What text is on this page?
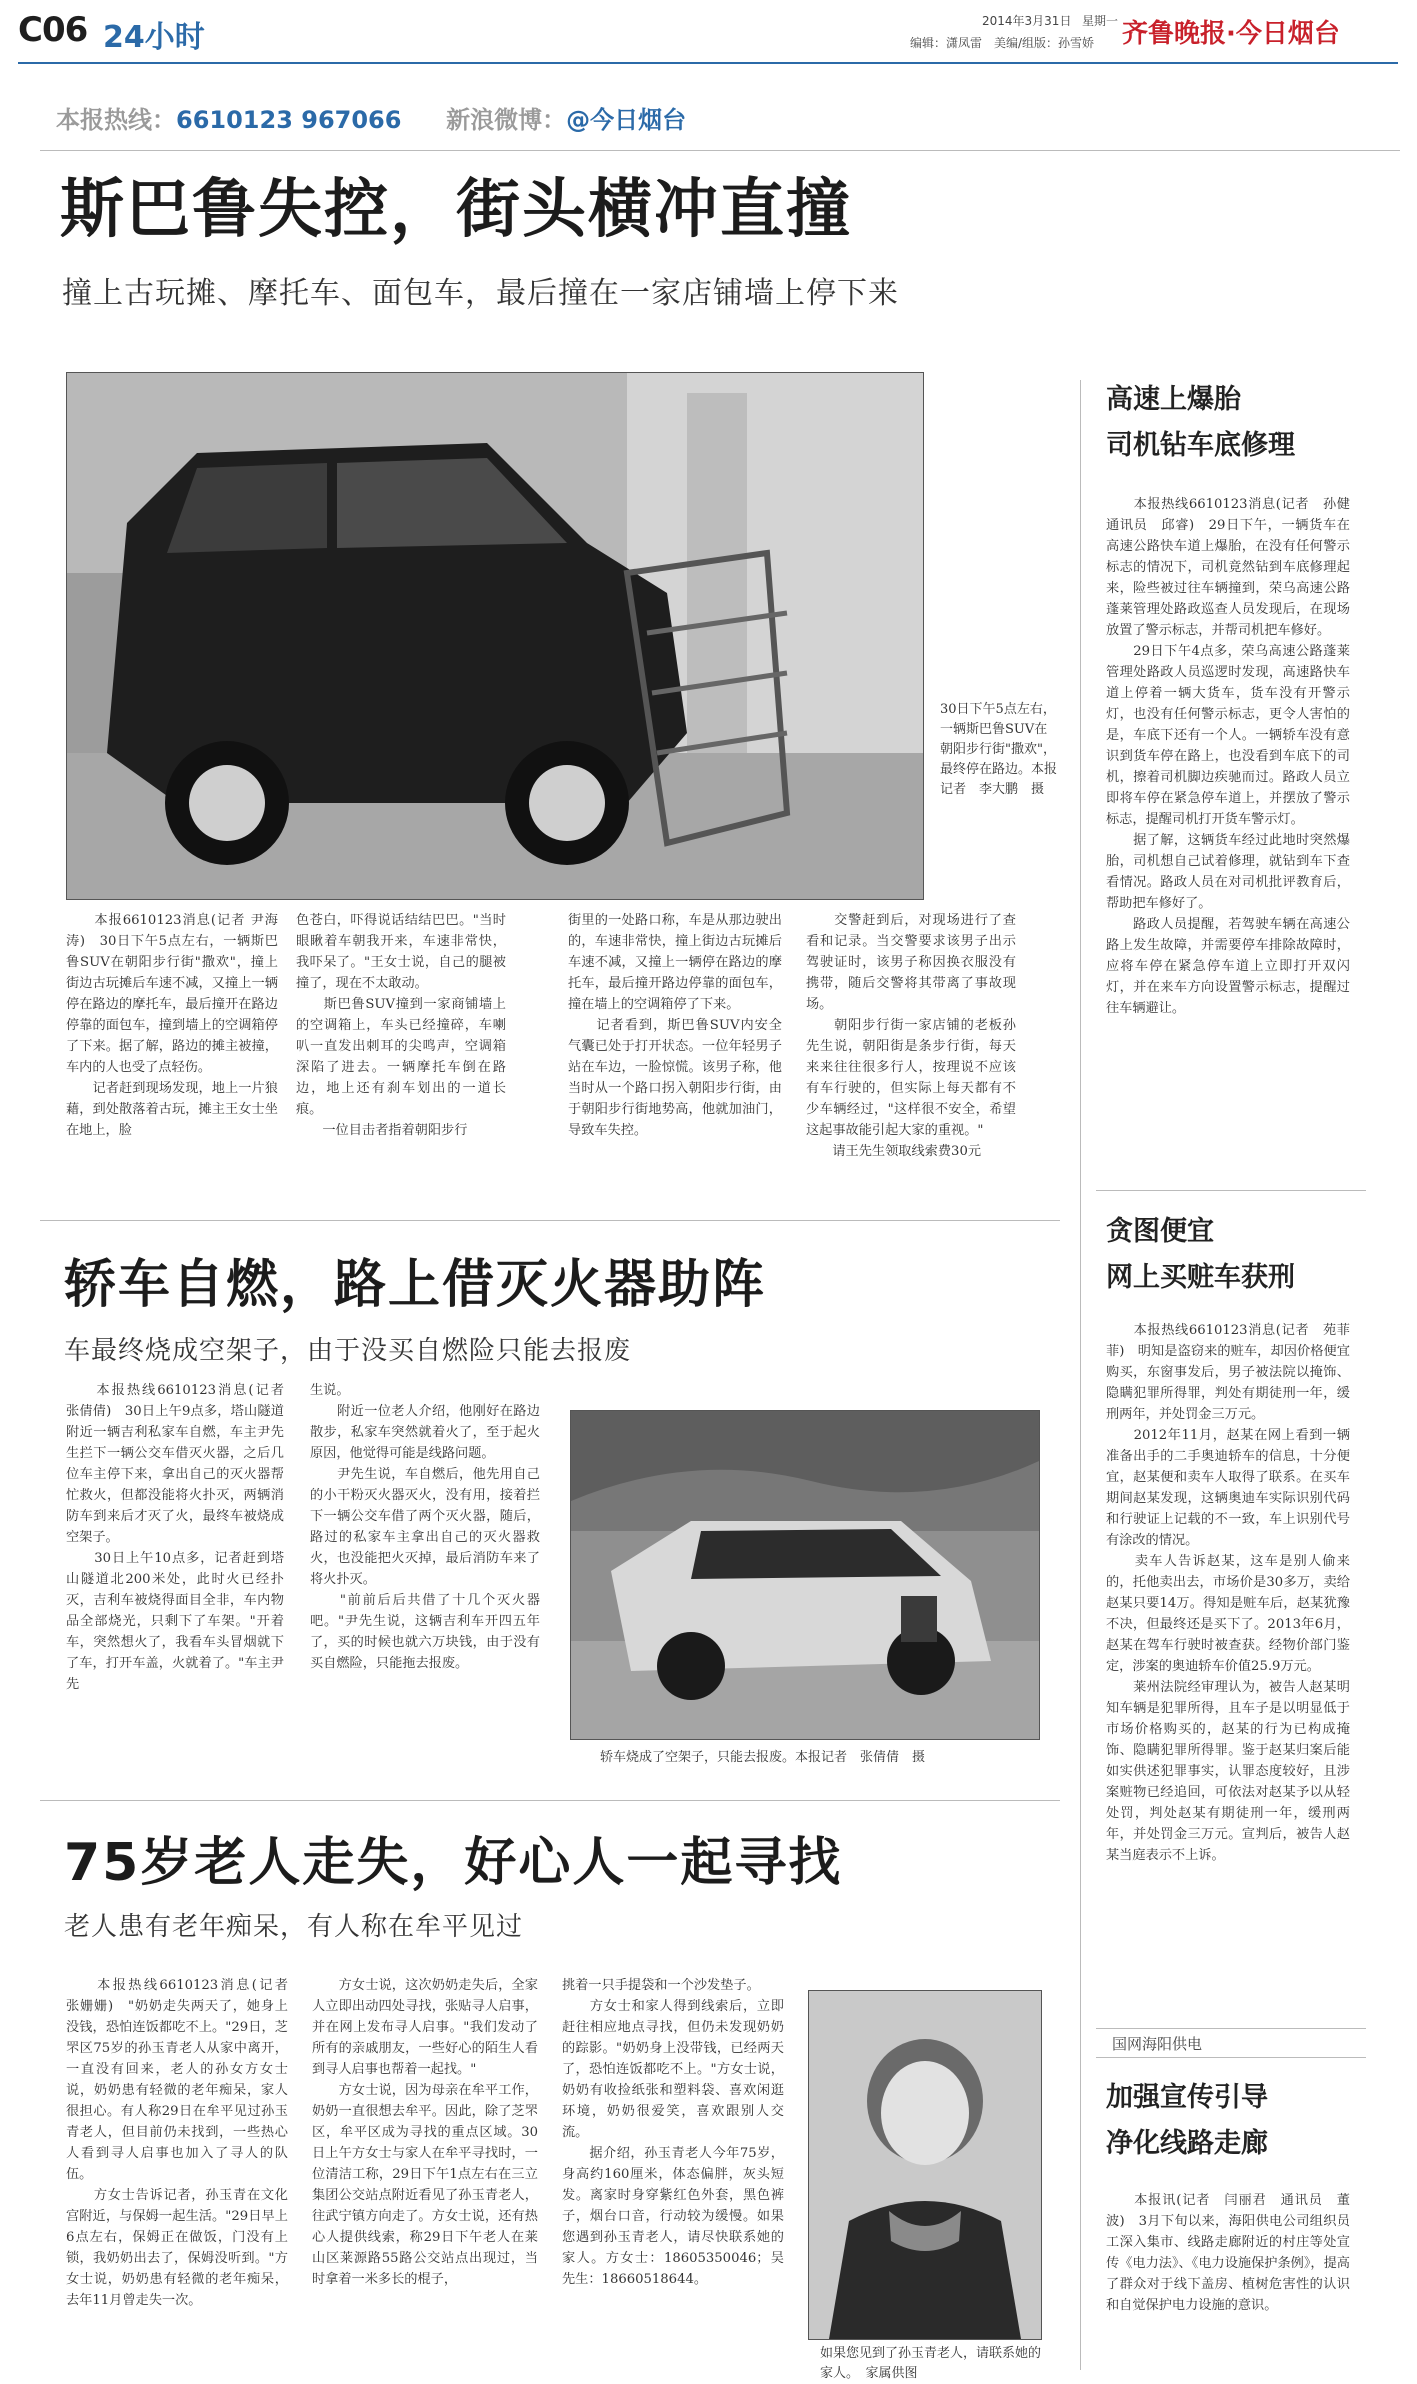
C06 24小时	2014年3月31日 星期一
编辑：潇凤雷　美编/组版：孙雪娇 齐鲁晚报·今日烟台
本报热线：6610123 967066 新浪微博：@今日烟台
斯巴鲁失控，街头横冲直撞
撞上古玩摊、摩托车、面包车，最后撞在一家店铺墙上停下来
30日下午5点左右，一辆斯巴鲁SUV在朝阳步行街"撒欢"，最终停在路边。本报记者　李大鹏　摄
　　本报6610123消息(记者 尹海涛)　30日下午5点左右，一辆斯巴鲁SUV在朝阳步行街"撒欢"，撞上街边古玩摊后车速不减，又撞上一辆停在路边的摩托车，最后撞开在路边停靠的面包车，撞到墙上的空调箱停了下来。据了解，路边的摊主被撞，车内的人也受了点轻伤。
　　记者赶到现场发现，地上一片狼藉，到处散落着古玩，摊主王女士坐在地上，脸
色苍白，吓得说话结结巴巴。"当时眼瞅着车朝我开来，车速非常快，我吓呆了。"王女士说，自己的腿被撞了，现在不太敢动。
　　斯巴鲁SUV撞到一家商铺墙上的空调箱上，车头已经撞碎，车喇叭一直发出刺耳的尖鸣声，空调箱深陷了进去。一辆摩托车倒在路边，地上还有刹车划出的一道长痕。
　　一位目击者指着朝阳步行
街里的一处路口称，车是从那边驶出的，车速非常快，撞上街边古玩摊后车速不减，又撞上一辆停在路边的摩托车，最后撞开路边停靠的面包车，撞在墙上的空调箱停了下来。
　　记者看到，斯巴鲁SUV内安全气囊已处于打开状态。一位年轻男子站在车边，一脸惊慌。该男子称，他当时从一个路口拐入朝阳步行街，由于朝阳步行街地势高，他就加油门，导致车失控。
　　交警赶到后，对现场进行了查看和记录。当交警要求该男子出示驾驶证时，该男子称因换衣服没有携带，随后交警将其带离了事故现场。
　　朝阳步行街一家店铺的老板孙先生说，朝阳街是条步行街，每天来来往往很多行人，按理说不应该有车行驶的，但实际上每天都有不少车辆经过，"这样很不安全，希望这起事故能引起大家的重视。"
　　请王先生领取线索费30元
轿车自燃，路上借灭火器助阵
车最终烧成空架子，由于没买自燃险只能去报废
　　本报热线6610123消息(记者　张倩倩)　30日上午9点多，塔山隧道附近一辆吉利私家车自燃，车主尹先生拦下一辆公交车借灭火器，之后几位车主停下来，拿出自己的灭火器帮忙救火，但都没能将火扑灭，两辆消防车到来后才灭了火，最终车被烧成空架子。
　　30日上午10点多，记者赶到塔山隧道北200米处，此时火已经扑灭，吉利车被烧得面目全非，车内物品全部烧光，只剩下了车架。"开着车，突然想火了，我看车头冒烟就下了车，打开车盖，火就着了。"车主尹先
生说。
　　附近一位老人介绍，他刚好在路边散步，私家车突然就着火了，至于起火原因，他觉得可能是线路问题。
　　尹先生说，车自燃后，他先用自己的小干粉灭火器灭火，没有用，接着拦下一辆公交车借了两个灭火器，随后，路过的私家车主拿出自己的灭火器救火，也没能把火灭掉，最后消防车来了将火扑灭。
　　"前前后后共借了十几个灭火器吧。"尹先生说，这辆吉利车开四五年了，买的时候也就六万块钱，由于没有买自燃险，只能拖去报废。
轿车烧成了空架子，只能去报废。本报记者　张倩倩　摄
75岁老人走失，好心人一起寻找
老人患有老年痴呆，有人称在牟平见过
　　本报热线6610123消息(记者　张姗姗)　"奶奶走失两天了，她身上没钱，恐怕连饭都吃不上。"29日，芝罘区75岁的孙玉青老人从家中离开，一直没有回来，老人的孙女方女士说，奶奶患有轻微的老年痴呆，家人很担心。有人称29日在牟平见过孙玉青老人，但目前仍未找到，一些热心人看到寻人启事也加入了寻人的队伍。
　　方女士告诉记者，孙玉青在文化宫附近，与保姆一起生活。"29日早上6点左右，保姆正在做饭，门没有上锁，我奶奶出去了，保姆没听到。"方女士说，奶奶患有轻微的老年痴呆，去年11月曾走失一次。
　　方女士说，这次奶奶走失后，全家人立即出动四处寻找，张贴寻人启事，并在网上发布寻人启事。"我们发动了所有的亲戚朋友，一些好心的陌生人看到寻人启事也帮着一起找。"
　　方女士说，因为母亲在牟平工作，奶奶一直很想去牟平。因此，除了芝罘区，牟平区成为寻找的重点区域。30日上午方女士与家人在牟平寻找时，一位清洁工称，29日下午1点左右在三立集团公交站点附近看见了孙玉青老人，往武宁镇方向走了。方女士说，还有热心人提供线索，称29日下午老人在莱山区莱源路55路公交站点出现过，当时拿着一米多长的棍子，
挑着一只手提袋和一个沙发垫子。
　　方女士和家人得到线索后，立即赶往相应地点寻找，但仍未发现奶奶的踪影。"奶奶身上没带钱，已经两天了，恐怕连饭都吃不上。"方女士说，奶奶有收捡纸张和塑料袋、喜欢闲逛环境，奶奶很爱笑，喜欢跟别人交流。
　　据介绍，孙玉青老人今年75岁，身高约160厘米，体态偏胖，灰头短发。离家时身穿紫红色外套，黑色裤子，烟台口音，行动较为缓慢。如果您遇到孙玉青老人，请尽快联系她的家人。方女士：18605350046；吴先生：18660518644。
如果您见到了孙玉青老人，请联系她的家人。　家属供图
高速上爆胎
司机钻车底修理
　　本报热线6610123消息(记者　孙健　通讯员　邱睿)　29日下午，一辆货车在高速公路快车道上爆胎，在没有任何警示标志的情况下，司机竟然钻到车底修理起来，险些被过往车辆撞到，荣乌高速公路蓬莱管理处路政巡查人员发现后，在现场放置了警示标志，并帮司机把车修好。
　　29日下午4点多，荣乌高速公路蓬莱管理处路政人员巡逻时发现，高速路快车道上停着一辆大货车，货车没有开警示灯，也没有任何警示标志，更令人害怕的是，车底下还有一个人。一辆轿车没有意识到货车停在路上，也没看到车底下的司机，擦着司机脚边疾驰而过。路政人员立即将车停在紧急停车道上，并摆放了警示标志，提醒司机打开货车警示灯。
　　据了解，这辆货车经过此地时突然爆胎，司机想自己试着修理，就钻到车下查看情况。路政人员在对司机批评教育后，帮助把车修好了。
　　路政人员提醒，若驾驶车辆在高速公路上发生故障，并需要停车排除故障时，应将车停在紧急停车道上立即打开双闪灯，并在来车方向设置警示标志，提醒过往车辆避让。
贪图便宜
网上买赃车获刑
　　本报热线6610123消息(记者　苑菲菲)　明知是盗窃来的赃车，却因价格便宜购买，东窗事发后，男子被法院以掩饰、隐瞒犯罪所得罪，判处有期徒刑一年，缓刑两年，并处罚金三万元。
　　2012年11月，赵某在网上看到一辆准备出手的二手奥迪轿车的信息，十分便宜，赵某便和卖车人取得了联系。在买车期间赵某发现，这辆奥迪车实际识别代码和行驶证上记载的不一致，车上识别代号有涂改的情况。
　　卖车人告诉赵某，这车是别人偷来的，托他卖出去，市场价是30多万，卖给赵某只要14万。得知是赃车后，赵某犹豫不决，但最终还是买下了。2013年6月，赵某在驾车行驶时被查获。经物价部门鉴定，涉案的奥迪轿车价值25.9万元。
　　莱州法院经审理认为，被告人赵某明知车辆是犯罪所得，且车子是以明显低于市场价格购买的，赵某的行为已构成掩饰、隐瞒犯罪所得罪。鉴于赵某归案后能如实供述犯罪事实，认罪态度较好，且涉案赃物已经追回，可依法对赵某予以从轻处罚，判处赵某有期徒刑一年，缓刑两年，并处罚金三万元。宣判后，被告人赵某当庭表示不上诉。
国网海阳供电
加强宣传引导
净化线路走廊
　　本报讯(记者　闫丽君　通讯员　董波)　3月下旬以来，海阳供电公司组织员工深入集市、线路走廊附近的村庄等处宣传《电力法》、《电力设施保护条例》，提高了群众对于线下盖房、植树危害性的认识和自觉保护电力设施的意识。
